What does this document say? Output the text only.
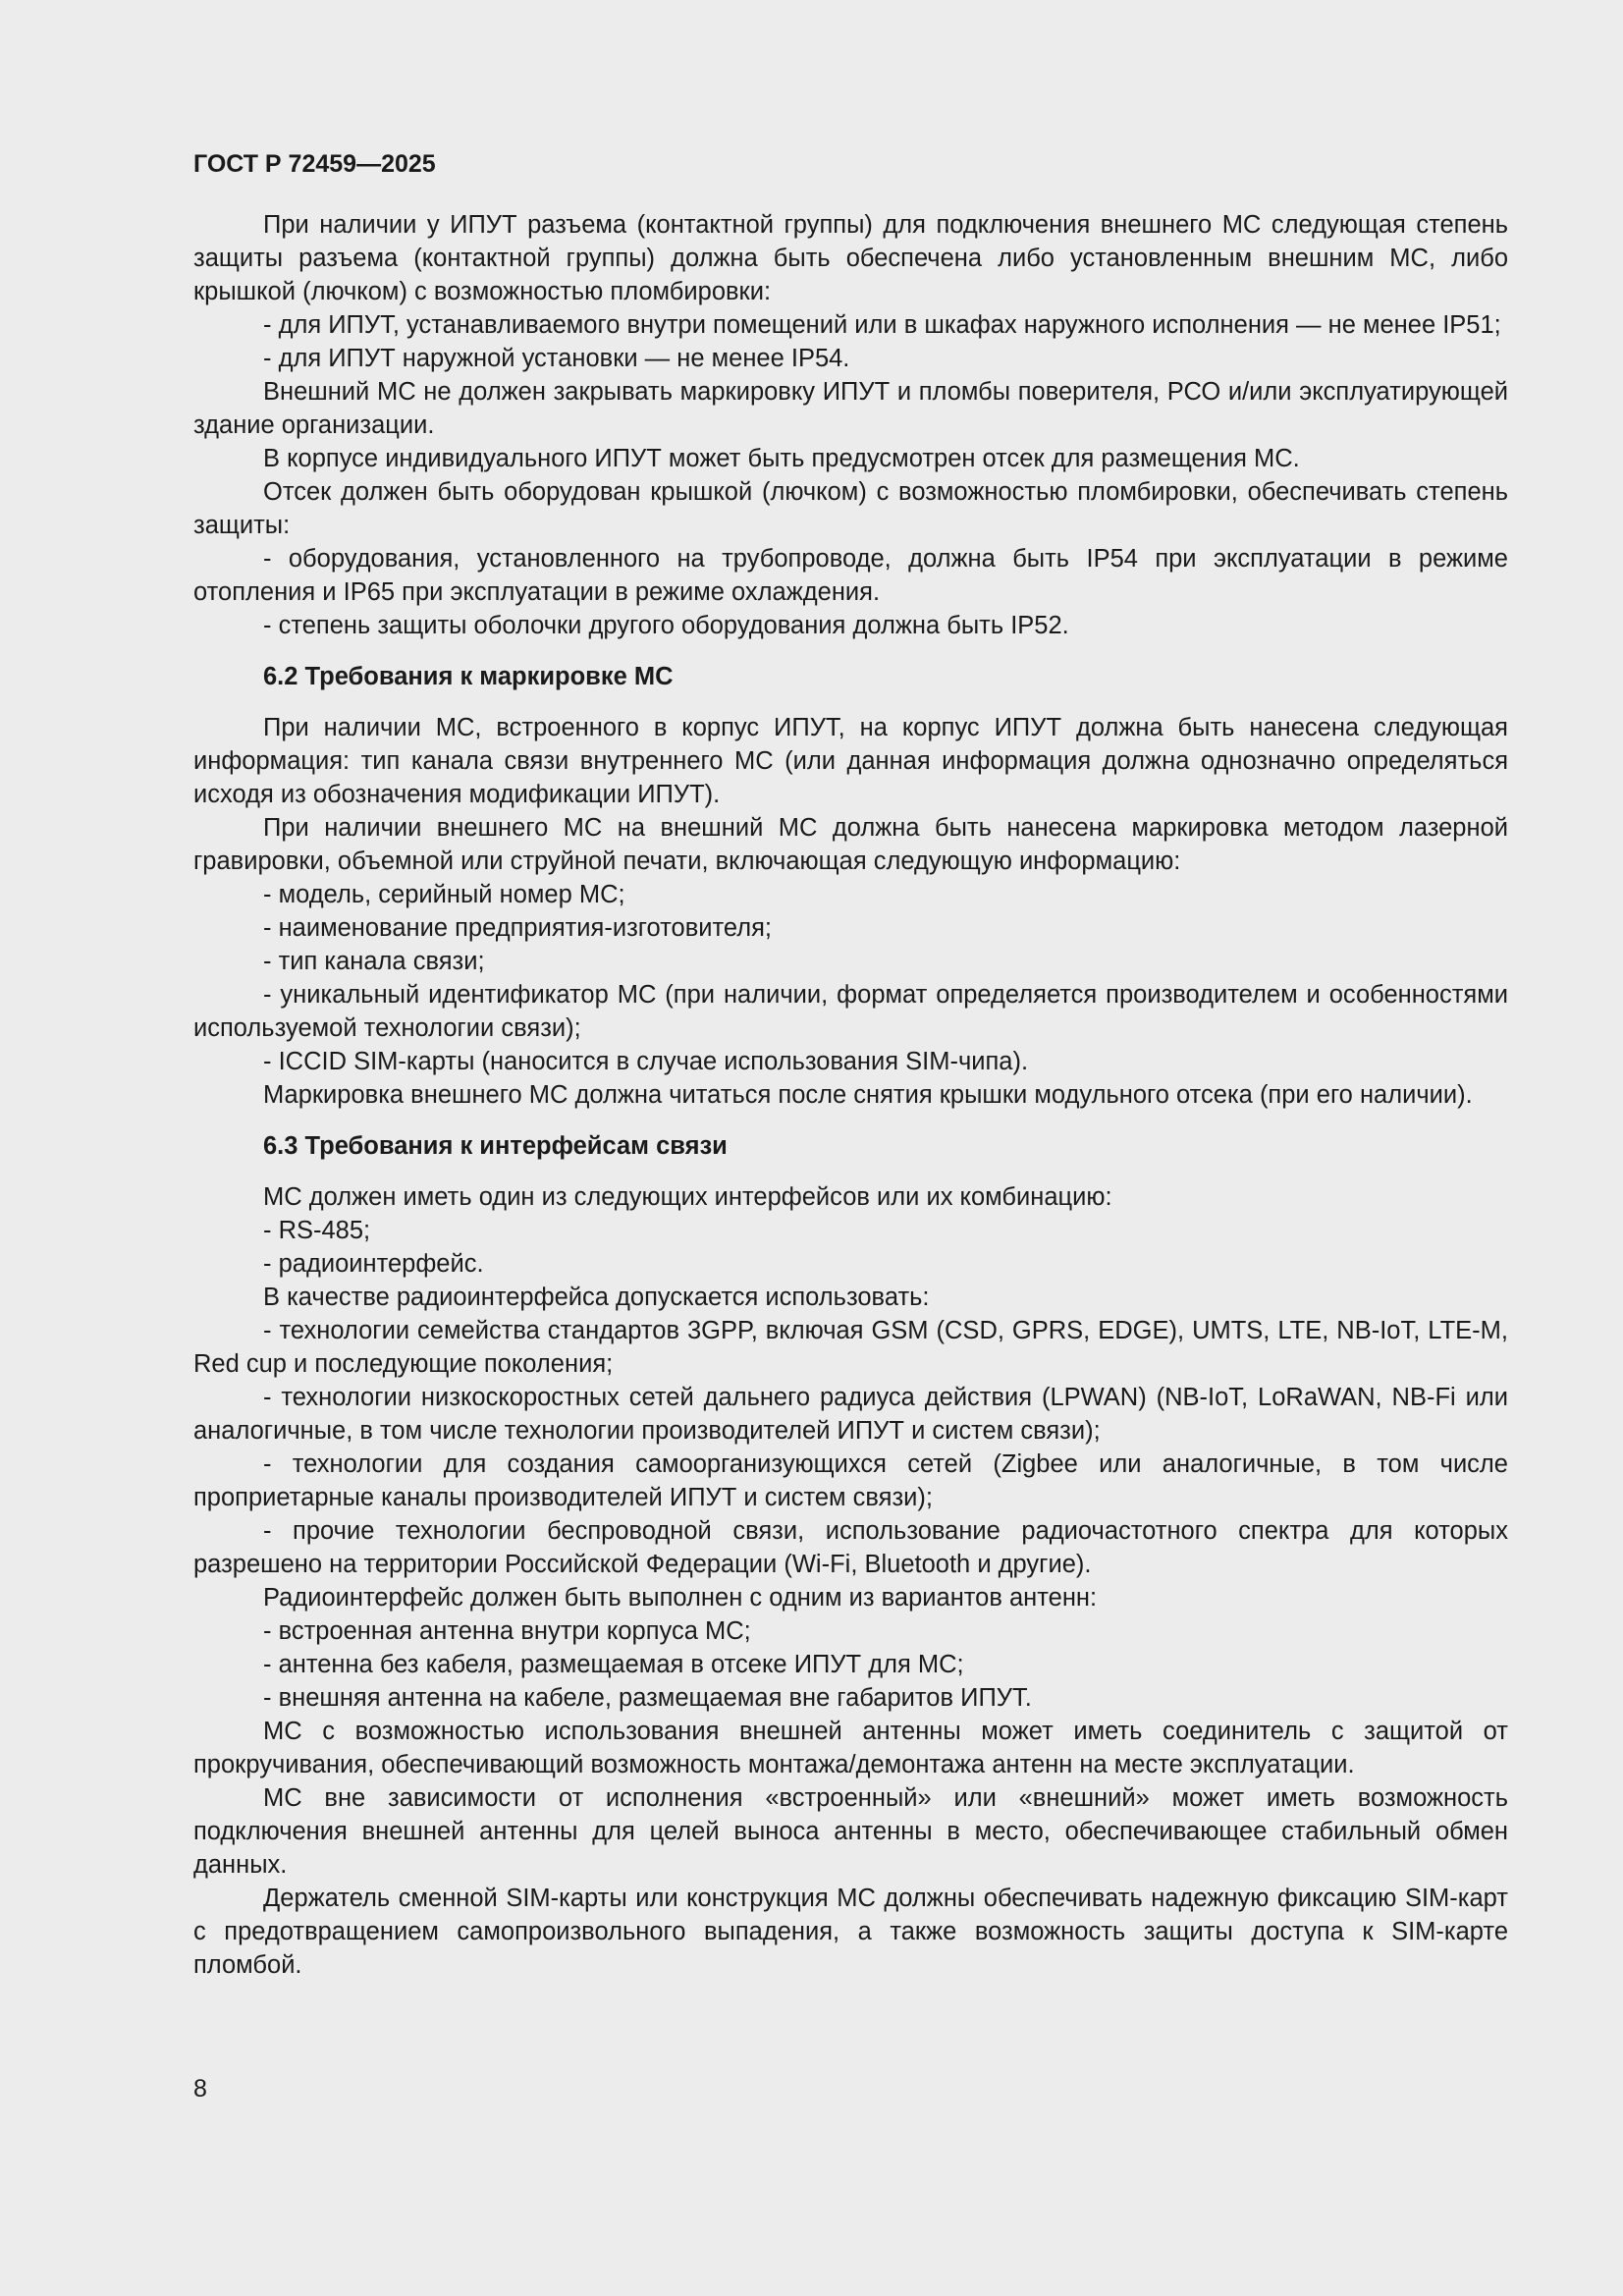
ГОСТ Р 72459—2025

При наличии у ИПУТ разъема (контактной группы) для подключения внешнего МС следующая степень защиты разъема (контактной группы) должна быть обеспечена либо установленным внешним МС, либо крышкой (лючком) с возможностью пломбировки:

- для ИПУТ, устанавливаемого внутри помещений или в шкафах наружного исполнения — не менее IP51;

- для ИПУТ наружной установки — не менее IP54.

Внешний МС не должен закрывать маркировку ИПУТ и пломбы поверителя, РСО и/или эксплуатирующей здание организации.

В корпусе индивидуального ИПУТ может быть предусмотрен отсек для размещения МС.

Отсек должен быть оборудован крышкой (лючком) с возможностью пломбировки, обеспечивать степень защиты:

- оборудования, установленного на трубопроводе, должна быть IP54 при эксплуатации в режиме отопления и IP65 при эксплуатации в режиме охлаждения.

- степень защиты оболочки другого оборудования должна быть IP52.

6.2 Требования к маркировке МС

При наличии МС, встроенного в корпус ИПУТ, на корпус ИПУТ должна быть нанесена следующая информация: тип канала связи внутреннего МС (или данная информация должна однозначно определяться исходя из обозначения модификации ИПУТ).

При наличии внешнего МС на внешний МС должна быть нанесена маркировка методом лазерной гравировки, объемной или струйной печати, включающая следующую информацию:

- модель, серийный номер МС;

- наименование предприятия-изготовителя;

- тип канала связи;

- уникальный идентификатор МС (при наличии, формат определяется производителем и особенностями используемой технологии связи);

- ICCID SIM-карты (наносится в случае использования SIM-чипа).

Маркировка внешнего МС должна читаться после снятия крышки модульного отсека (при его наличии).

6.3 Требования к интерфейсам связи

МС должен иметь один из следующих интерфейсов или их комбинацию:

- RS-485;

- радиоинтерфейс.

В качестве радиоинтерфейса допускается использовать:

- технологии семейства стандартов 3GPP, включая GSM (CSD, GPRS, EDGE), UMTS, LTE, NB-IoT, LTE-M, Red cup и последующие поколения;

- технологии низкоскоростных сетей дальнего радиуса действия (LPWAN) (NB-IoT, LoRaWAN, NB-Fi или аналогичные, в том числе технологии производителей ИПУТ и систем связи);

- технологии для создания самоорганизующихся сетей (Zigbee или аналогичные, в том числе проприетарные каналы производителей ИПУТ и систем связи);

- прочие технологии беспроводной связи, использование радиочастотного спектра для которых разрешено на территории Российской Федерации (Wi-Fi, Bluetooth и другие).

Радиоинтерфейс должен быть выполнен с одним из вариантов антенн:

- встроенная антенна внутри корпуса МС;

- антенна без кабеля, размещаемая в отсеке ИПУТ для МС;

- внешняя антенна на кабеле, размещаемая вне габаритов ИПУТ.

МС с возможностью использования внешней антенны может иметь соединитель с защитой от прокручивания, обеспечивающий возможность монтажа/демонтажа антенн на месте эксплуатации.

МС вне зависимости от исполнения «встроенный» или «внешний» может иметь возможность подключения внешней антенны для целей выноса антенны в место, обеспечивающее стабильный обмен данных.

Держатель сменной SIM-карты или конструкция МС должны обеспечивать надежную фиксацию SIM-карт с предотвращением самопроизвольного выпадения, а также возможность защиты доступа к SIM-карте пломбой.

8
